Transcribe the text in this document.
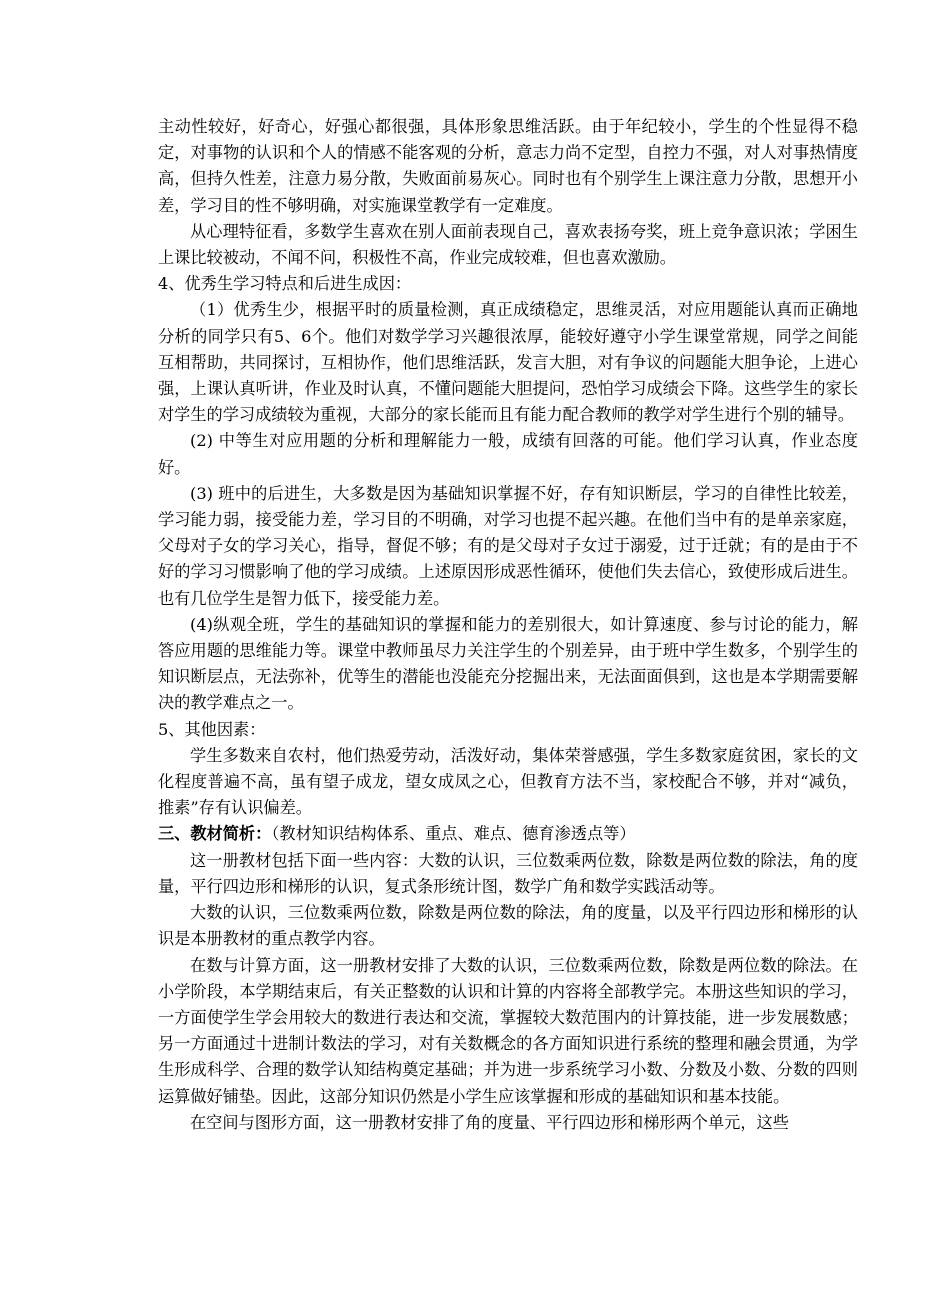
主动性较好，好奇心，好强心都很强，具体形象思维活跃。由于年纪较小，学生的个性显得不稳定，对事物的认识和个人的情感不能客观的分析，意志力尚不定型，自控力不强，对人对事热情度高，但持久性差，注意力易分散，失败面前易灰心。同时也有个别学生上课注意力分散，思想开小差，学习目的性不够明确，对实施课堂教学有一定难度。

从心理特征看，多数学生喜欢在别人面前表现自己，喜欢表扬夸奖，班上竞争意识浓；学困生上课比较被动，不闻不问，积极性不高，作业完成较难，但也喜欢激励。

4、优秀生学习特点和后进生成因：

（1）优秀生少，根据平时的质量检测，真正成绩稳定，思维灵活，对应用题能认真而正确地分析的同学只有5、6个。他们对数学学习兴趣很浓厚，能较好遵守小学生课堂常规，同学之间能互相帮助，共同探讨，互相协作，他们思维活跃，发言大胆，对有争议的问题能大胆争论，上进心强，上课认真听讲，作业及时认真，不懂问题能大胆提问，恐怕学习成绩会下降。这些学生的家长对学生的学习成绩较为重视，大部分的家长能而且有能力配合教师的教学对学生进行个别的辅导。

(2) 中等生对应用题的分析和理解能力一般，成绩有回落的可能。他们学习认真，作业态度好。

(3) 班中的后进生，大多数是因为基础知识掌握不好，存有知识断层，学习的自律性比较差，学习能力弱，接受能力差，学习目的不明确，对学习也提不起兴趣。在他们当中有的是单亲家庭，父母对子女的学习关心，指导，督促不够；有的是父母对子女过于溺爱，过于迁就；有的是由于不好的学习习惯影响了他的学习成绩。上述原因形成恶性循环，使他们失去信心，致使形成后进生。也有几位学生是智力低下，接受能力差。

(4)纵观全班，学生的基础知识的掌握和能力的差别很大，如计算速度、参与讨论的能力，解答应用题的思维能力等。课堂中教师虽尽力关注学生的个别差异，由于班中学生数多，个别学生的知识断层点，无法弥补，优等生的潜能也没能充分挖掘出来，无法面面俱到，这也是本学期需要解决的教学难点之一。

5、其他因素：

学生多数来自农村，他们热爱劳动，活泼好动，集体荣誉感强，学生多数家庭贫困，家长的文化程度普遍不高，虽有望子成龙，望女成凤之心，但教育方法不当，家校配合不够，并对“减负，推素”存有认识偏差。

三、教材简析：（教材知识结构体系、重点、难点、德育渗透点等）

这一册教材包括下面一些内容：大数的认识，三位数乘两位数，除数是两位数的除法，角的度量，平行四边形和梯形的认识，复式条形统计图，数学广角和数学实践活动等。

大数的认识，三位数乘两位数，除数是两位数的除法，角的度量，以及平行四边形和梯形的认识是本册教材的重点教学内容。

在数与计算方面，这一册教材安排了大数的认识，三位数乘两位数，除数是两位数的除法。在小学阶段，本学期结束后，有关正整数的认识和计算的内容将全部教学完。本册这些知识的学习，一方面使学生学会用较大的数进行表达和交流，掌握较大数范围内的计算技能，进一步发展数感；另一方面通过十进制计数法的学习，对有关数概念的各方面知识进行系统的整理和融会贯通，为学生形成科学、合理的数学认知结构奠定基础；并为进一步系统学习小数、分数及小数、分数的四则运算做好铺垫。因此，这部分知识仍然是小学生应该掌握和形成的基础知识和基本技能。

在空间与图形方面，这一册教材安排了角的度量、平行四边形和梯形两个单元，这些
